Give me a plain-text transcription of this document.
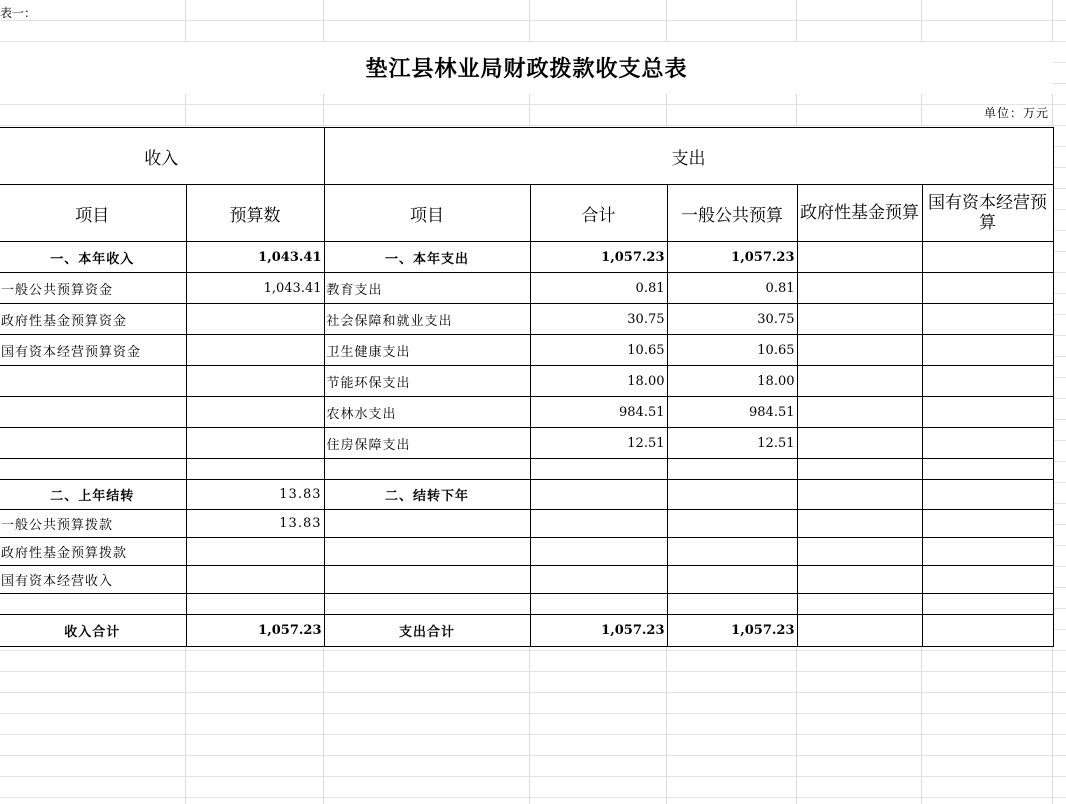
表一：
垫江县林业局财政拨款收支总表
单位：万元
收入		支出				
项目	预算数	项目	合计	一般公共预算	政府性基金预算	国有资本经营预算
一、本年收入	1,043.41	一、本年支出	1,057.23	1,057.23		
一般公共预算资金	1,043.41	教育支出	0.81	0.81		
政府性基金预算资金		社会保障和就业支出	30.75	30.75		
国有资本经营预算资金		卫生健康支出	10.65	10.65		
		节能环保支出	18.00	18.00		
		农林水支出	984.51	984.51		
		住房保障支出	12.51	12.51		

二、上年结转	13.83	二、结转下年				
一般公共预算拨款	13.83					
政府性基金预算拨款						
国有资本经营收入						

收入合计	1,057.23	支出合计	1,057.23	1,057.23		
